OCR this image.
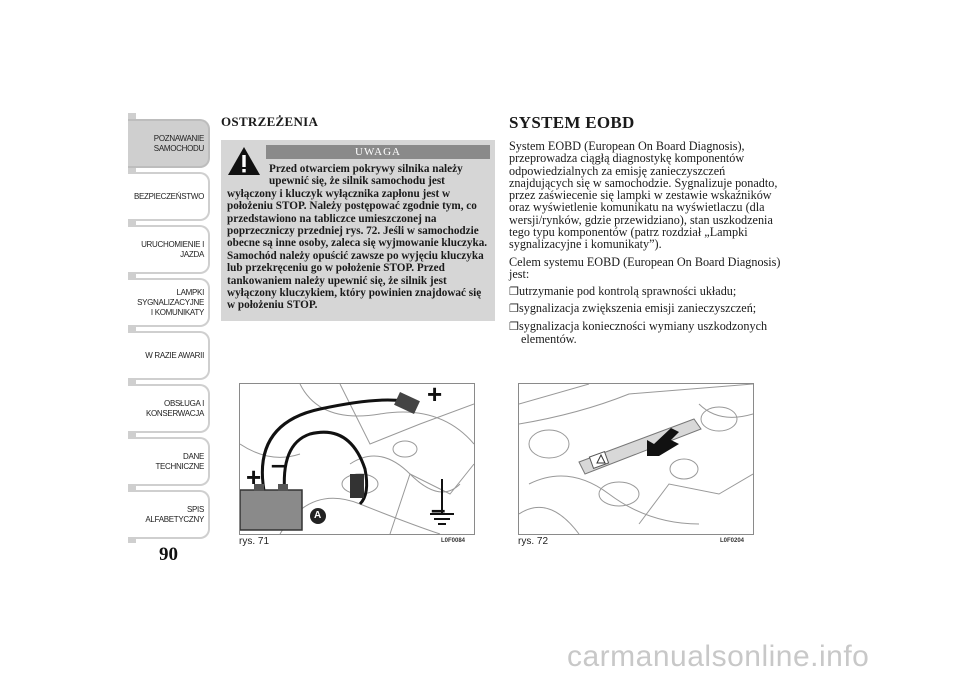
POZNAWANIE
SAMOCHODU
BEZPIECZEŃSTWO
URUCHOMIENIE I
JAZDA
LAMPKI
SYGNALIZACYJNE
I KOMUNIKATY
W RAZIE AWARII
OBSŁUGA I
KONSERWACJA
DANE
TECHNICZNE
SPIS
ALFABETYCZNY
90
OSTRZEŻENIA
UWAGA
Przed otwarciem pokrywy silnika należy
upewnić się, że silnik samochodu jest wyłączony i kluczyk wyłącznika zapłonu jest w położeniu STOP. Należy postępować zgodnie tym, co przedstawiono na tabliczce umieszczonej na poprzeczniczy przedniej rys. 72. Jeśli w samochodzie obecne są inne osoby, zaleca się wyjmowanie kluczyka. Samochód należy opuścić zawsze po wyjęciu kluczyka lub przekręceniu go w położenie STOP. Przed tankowaniem należy upewnić się, że silnik jest wyłączony kluczykiem, który powinien znajdować się w położeniu STOP.
SYSTEM EOBD

System EOBD (European On Board Diagnosis), przeprowadza ciągłą diagnostykę komponentów odpowiedzialnych za emisję zanieczyszczeń znajdujących się w samochodzie. Sygnalizuje ponadto, przez zaświecenie się lampki w zestawie wskaźników oraz wyświetlenie komunikatu na wyświetlaczu (dla wersji/rynków, gdzie przewidziano), stan uszkodzenia tego typu komponentów (patrz rozdział „Lampki sygnalizacyjne i komunikaty”).

Celem systemu EOBD (European On Board Diagnosis) jest:

❐utrzymanie pod kontrolą sprawności układu;
❐sygnalizacja zwiększenia emisji zanieczyszczeń;
❐sygnalizacja konieczności wymiany uszkodzonych elementów.
+ –
+
–
A
rys. 71	L0F0084	rys. 72	L0F0204
carmanualsonline.info
